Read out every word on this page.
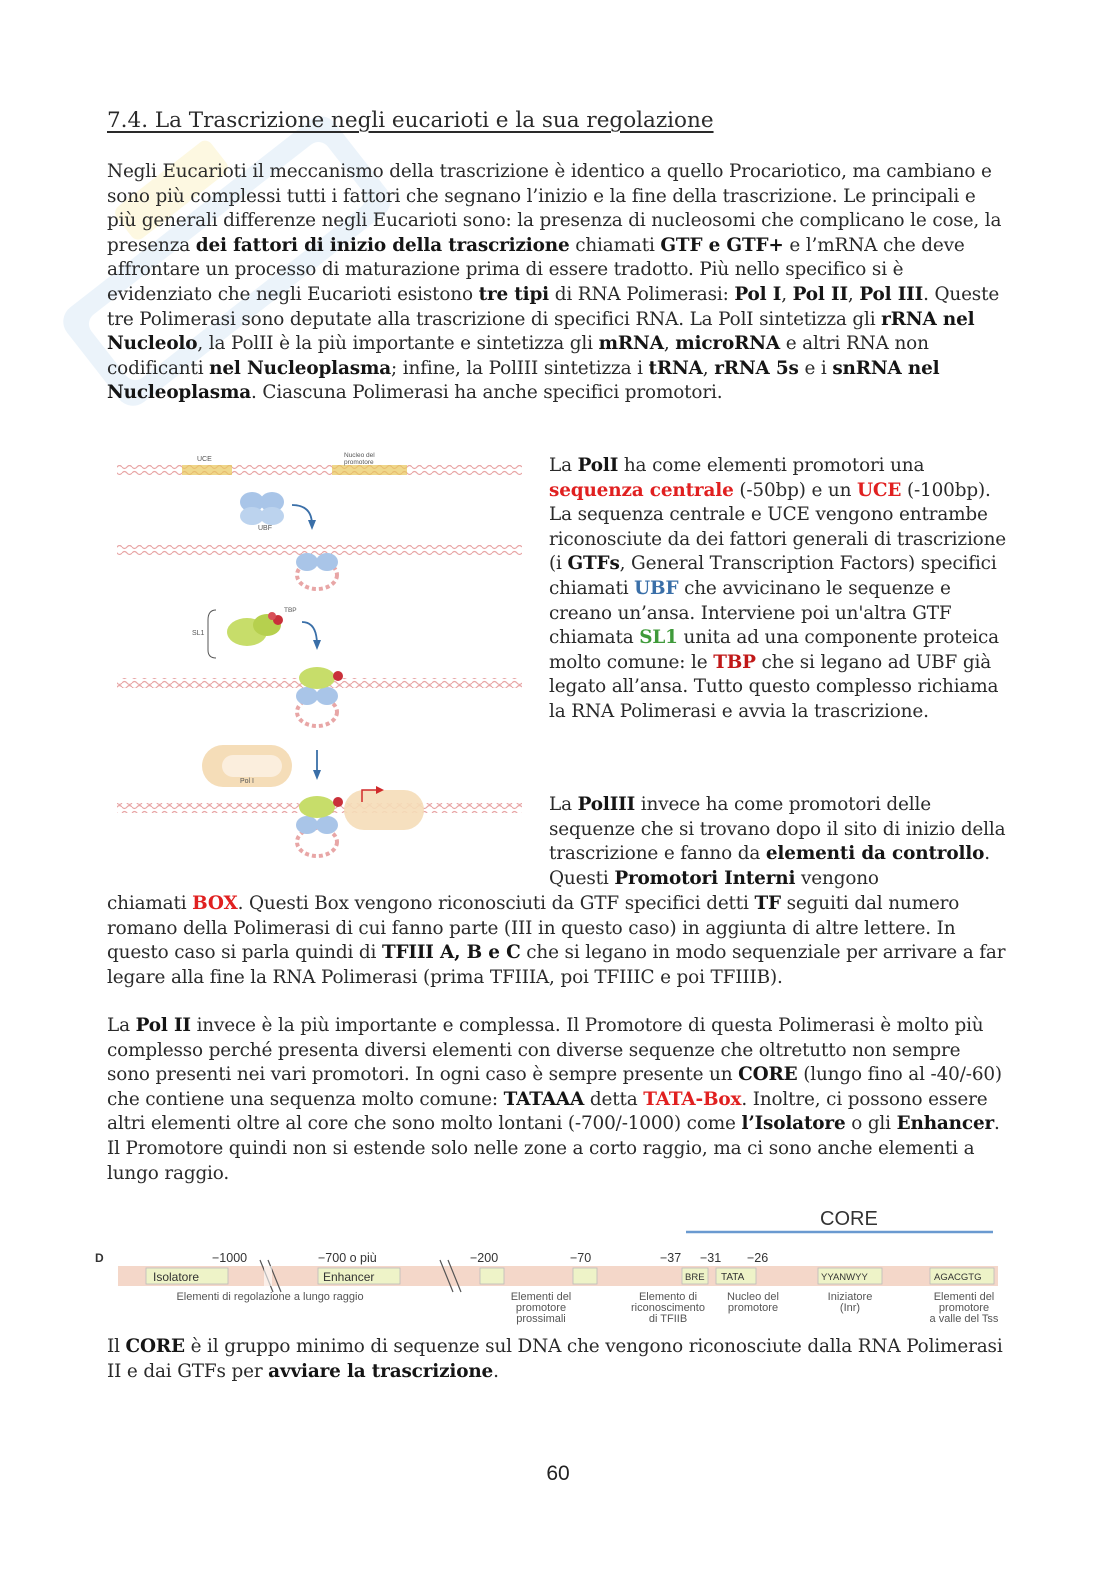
7.4. La Trascrizione negli eucarioti e la sua regolazione
Negli Eucarioti il meccanismo della trascrizione è identico a quello Procariotico, ma cambiano e sono più complessi tutti i fattori che segnano l’inizio e la fine della trascrizione. Le principali e più generali differenze negli Eucarioti sono: la presenza di nucleosomi che complicano le cose, la presenza dei fattori di inizio della trascrizione chiamati GTF e GTF+ e l’mRNA che deve affrontare un processo di maturazione prima di essere tradotto. Più nello specifico si è evidenziato che negli Eucarioti esistono tre tipi di RNA Polimerasi: Pol I, Pol II, Pol III. Queste tre Polimerasi sono deputate alla trascrizione di specifici RNA. La PolI sintetizza gli rRNA nel Nucleolo, la PolII è la più importante e sintetizza gli mRNA, microRNA e altri RNA non codificanti nel Nucleoplasma; infine, la PolIII sintetizza i tRNA, rRNA 5s e i snRNA nel Nucleoplasma. Ciascuna Polimerasi ha anche specifici promotori.
UCE
Nucleo del
promotore
UBF
SL1
TBP
Pol I
La PolI ha come elementi promotori una sequenza centrale (-50bp) e un UCE (-100bp). La sequenza centrale e UCE vengono entrambe riconosciute da dei fattori generali di trascrizione (i GTFs, General Transcription Factors) specifici chiamati UBF che avvicinano le sequenze e creano un’ansa. Interviene poi un'altra GTF chiamata SL1 unita ad una componente proteica molto comune: le TBP che si legano ad UBF già legato all’ansa. Tutto questo complesso richiama la RNA Polimerasi e avvia la trascrizione.
La PolIII invece ha come promotori delle sequenze che si trovano dopo il sito di inizio della trascrizione e fanno da elementi da controllo. Questi Promotori Interni vengono
chiamati BOX. Questi Box vengono riconosciuti da GTF specifici detti TF seguiti dal numero romano della Polimerasi di cui fanno parte (III in questo caso) in aggiunta di altre lettere. In questo caso si parla quindi di TFIII A, B e C che si legano in modo sequenziale per arrivare a far legare alla fine la RNA Polimerasi (prima TFIIIA, poi TFIIIC e poi TFIIIB).
La Pol II invece è la più importante e complessa. Il Promotore di questa Polimerasi è molto più complesso perché presenta diversi elementi con diverse sequenze che oltretutto non sempre sono presenti nei vari promotori. In ogni caso è sempre presente un CORE (lungo fino al -40/-60) che contiene una sequenza molto comune: TATAAA detta TATA-Box. Inoltre, ci possono essere altri elementi oltre al core che sono molto lontani (-700/-1000) come l’Isolatore o gli Enhancer. Il Promotore quindi non si estende solo nelle zone a corto raggio, ma ci sono anche elementi a lungo raggio.
CORE
D	−1000	−700 o più	−200	−70	−37 −31 −26
Isolatore	Enhancer	BRE TATA	YYANWYY	AGACGTG
Elementi di regolazione a lungo raggio	Elementi del
promotore
prossimali
Elemento di
riconoscimento
di TFIIB
Nucleo del
promotore
Iniziatore
(Inr)
Elementi del
promotore
a valle del Tss
Il CORE è il gruppo minimo di sequenze sul DNA che vengono riconosciute dalla RNA Polimerasi II e dai GTFs per avviare la trascrizione.
60
